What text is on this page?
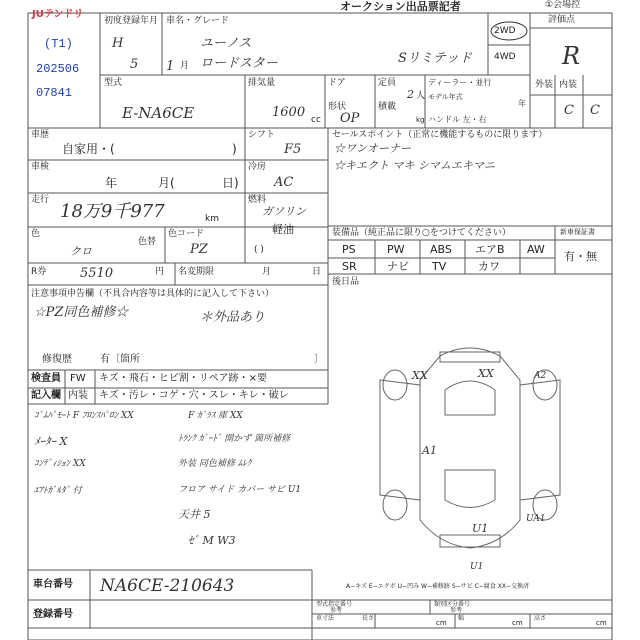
JUテンドリ
オークション出品票記者	①会場控
(T1)
202506
07841
初度登録年月
H
5 1 月
車名・グレード
ユーノス
ロードスター	Sリミテッド
2WD
4WD
評価点
R
型式
E-NA6CE
排気量
1600 cc
ドア
形状
OP
定員
2 人
積載
kg
ディーラー・並行
モデル年式
年
ハンドル 左・右
外装 内装
C C
車歴
自家用・(	)
シフト
F5
車検
年	月(	日)
冷房
AC
走行
18万9千977	km
燃料
ガソリン
軽油
( )
色
クロ
色替
色コード
PZ
R券	5510	円 名変期限	月	日
セールスポイント（正常に機能するものに限ります）
☆ワンオーナー
☆キエクト マキ シマムエキマニ
装備品（純正品に限り○をつけてください）	新車保証書
PS	PW ABS エアB AW
SR	ナビ TV	カワ
有・無
後日品
注意事項申告欄（不具合内容等は具体的に記入して下さい）
☆PZ同色補修☆	＊外品あり
修復歴	有〔箇所	〕
検査員
記入欄
FW キズ・飛石・ヒビ割・リペア跡・×要
内装 キズ・汚レ・コゲ・穴・スレ・キレ・破レ
ｺﾞﾑﾊﾟﾓｰﾄ F ﾌﾛﾝｽﾊﾟﾛﾝ XX
ﾒｰﾀｰ X
ｺﾝﾃﾞｨｼｮﾝ XX
ｴｱﾄｶﾞﾙﾀﾞ 付
F ｶﾞﾗｽ 庫 XX
ﾄﾗﾝｸ ｶﾞｰﾄﾞ 開かず 箇所補修
外装 同色補修 ﾑﾚｸ
フロア サイド カバー サビ U1
天井 5
ｾﾞ M W3
XX	XX	A2
A1
U1
UA1
U1
A−キズ E−エクボ U−凹み W−補修跡 S−サビ C−腐食 XX−交換済
車台番号 NA6CE-210643
登録番号
型式指定番号
参考
類別区分番号
参考
車寸法	長さ
cm
幅
cm
高さ
cm
